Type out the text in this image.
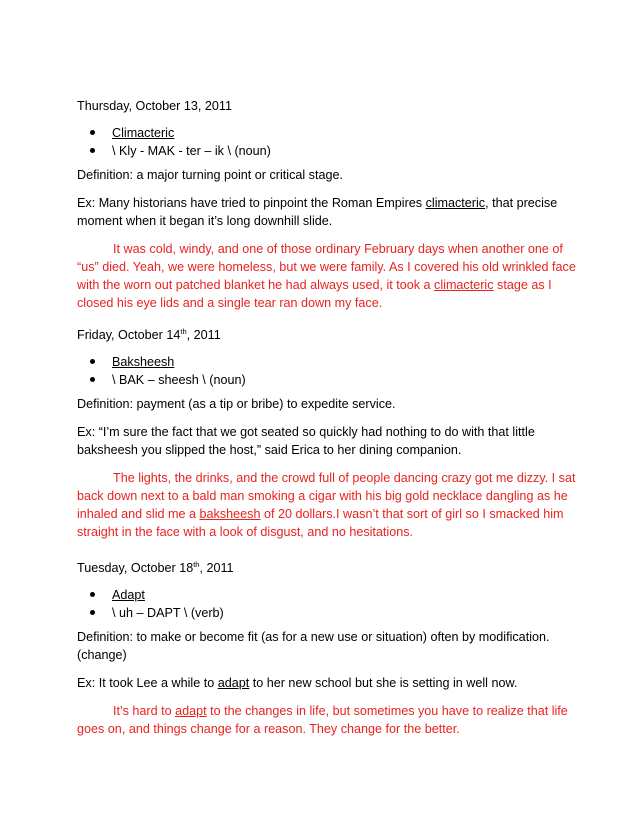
Thursday, October 13, 2011

Climacteric
\ Kly - MAK - ter – ik \ (noun)

Definition: a major turning point or critical stage.

Ex: Many historians have tried to pinpoint the Roman Empires climacteric, that precise moment when it began it’s long downhill slide.

It was cold, windy, and one of those ordinary February days when another one of “us” died. Yeah, we were homeless, but we were family. As I covered his old wrinkled face with the worn out patched blanket he had always used, it took a climacteric stage as I closed his eye lids and a single tear ran down my face.

Friday, October 14th, 2011

Baksheesh
\ BAK – sheesh \ (noun)

Definition: payment (as a tip or bribe) to expedite service.

Ex: “I’m sure the fact that we got seated so quickly had nothing to do with that little baksheesh you slipped the host,” said Erica to her dining companion.

The lights, the drinks, and the crowd full of people dancing crazy got me dizzy. I sat back down next to a bald man smoking a cigar with his big gold necklace dangling as he inhaled and slid me a baksheesh of 20 dollars.I wasn’t that sort of girl so I smacked him straight in the face with a look of disgust, and no hesitations.

Tuesday, October 18th, 2011

Adapt
\ uh – DAPT \ (verb)

Definition: to make or become fit (as for a new use or situation) often by modification. (change)

Ex: It took Lee a while to adapt to her new school but she is setting in well now.

It’s hard to adapt to the changes in life, but sometimes you have to realize that life goes on, and things change for a reason. They change for the better.
